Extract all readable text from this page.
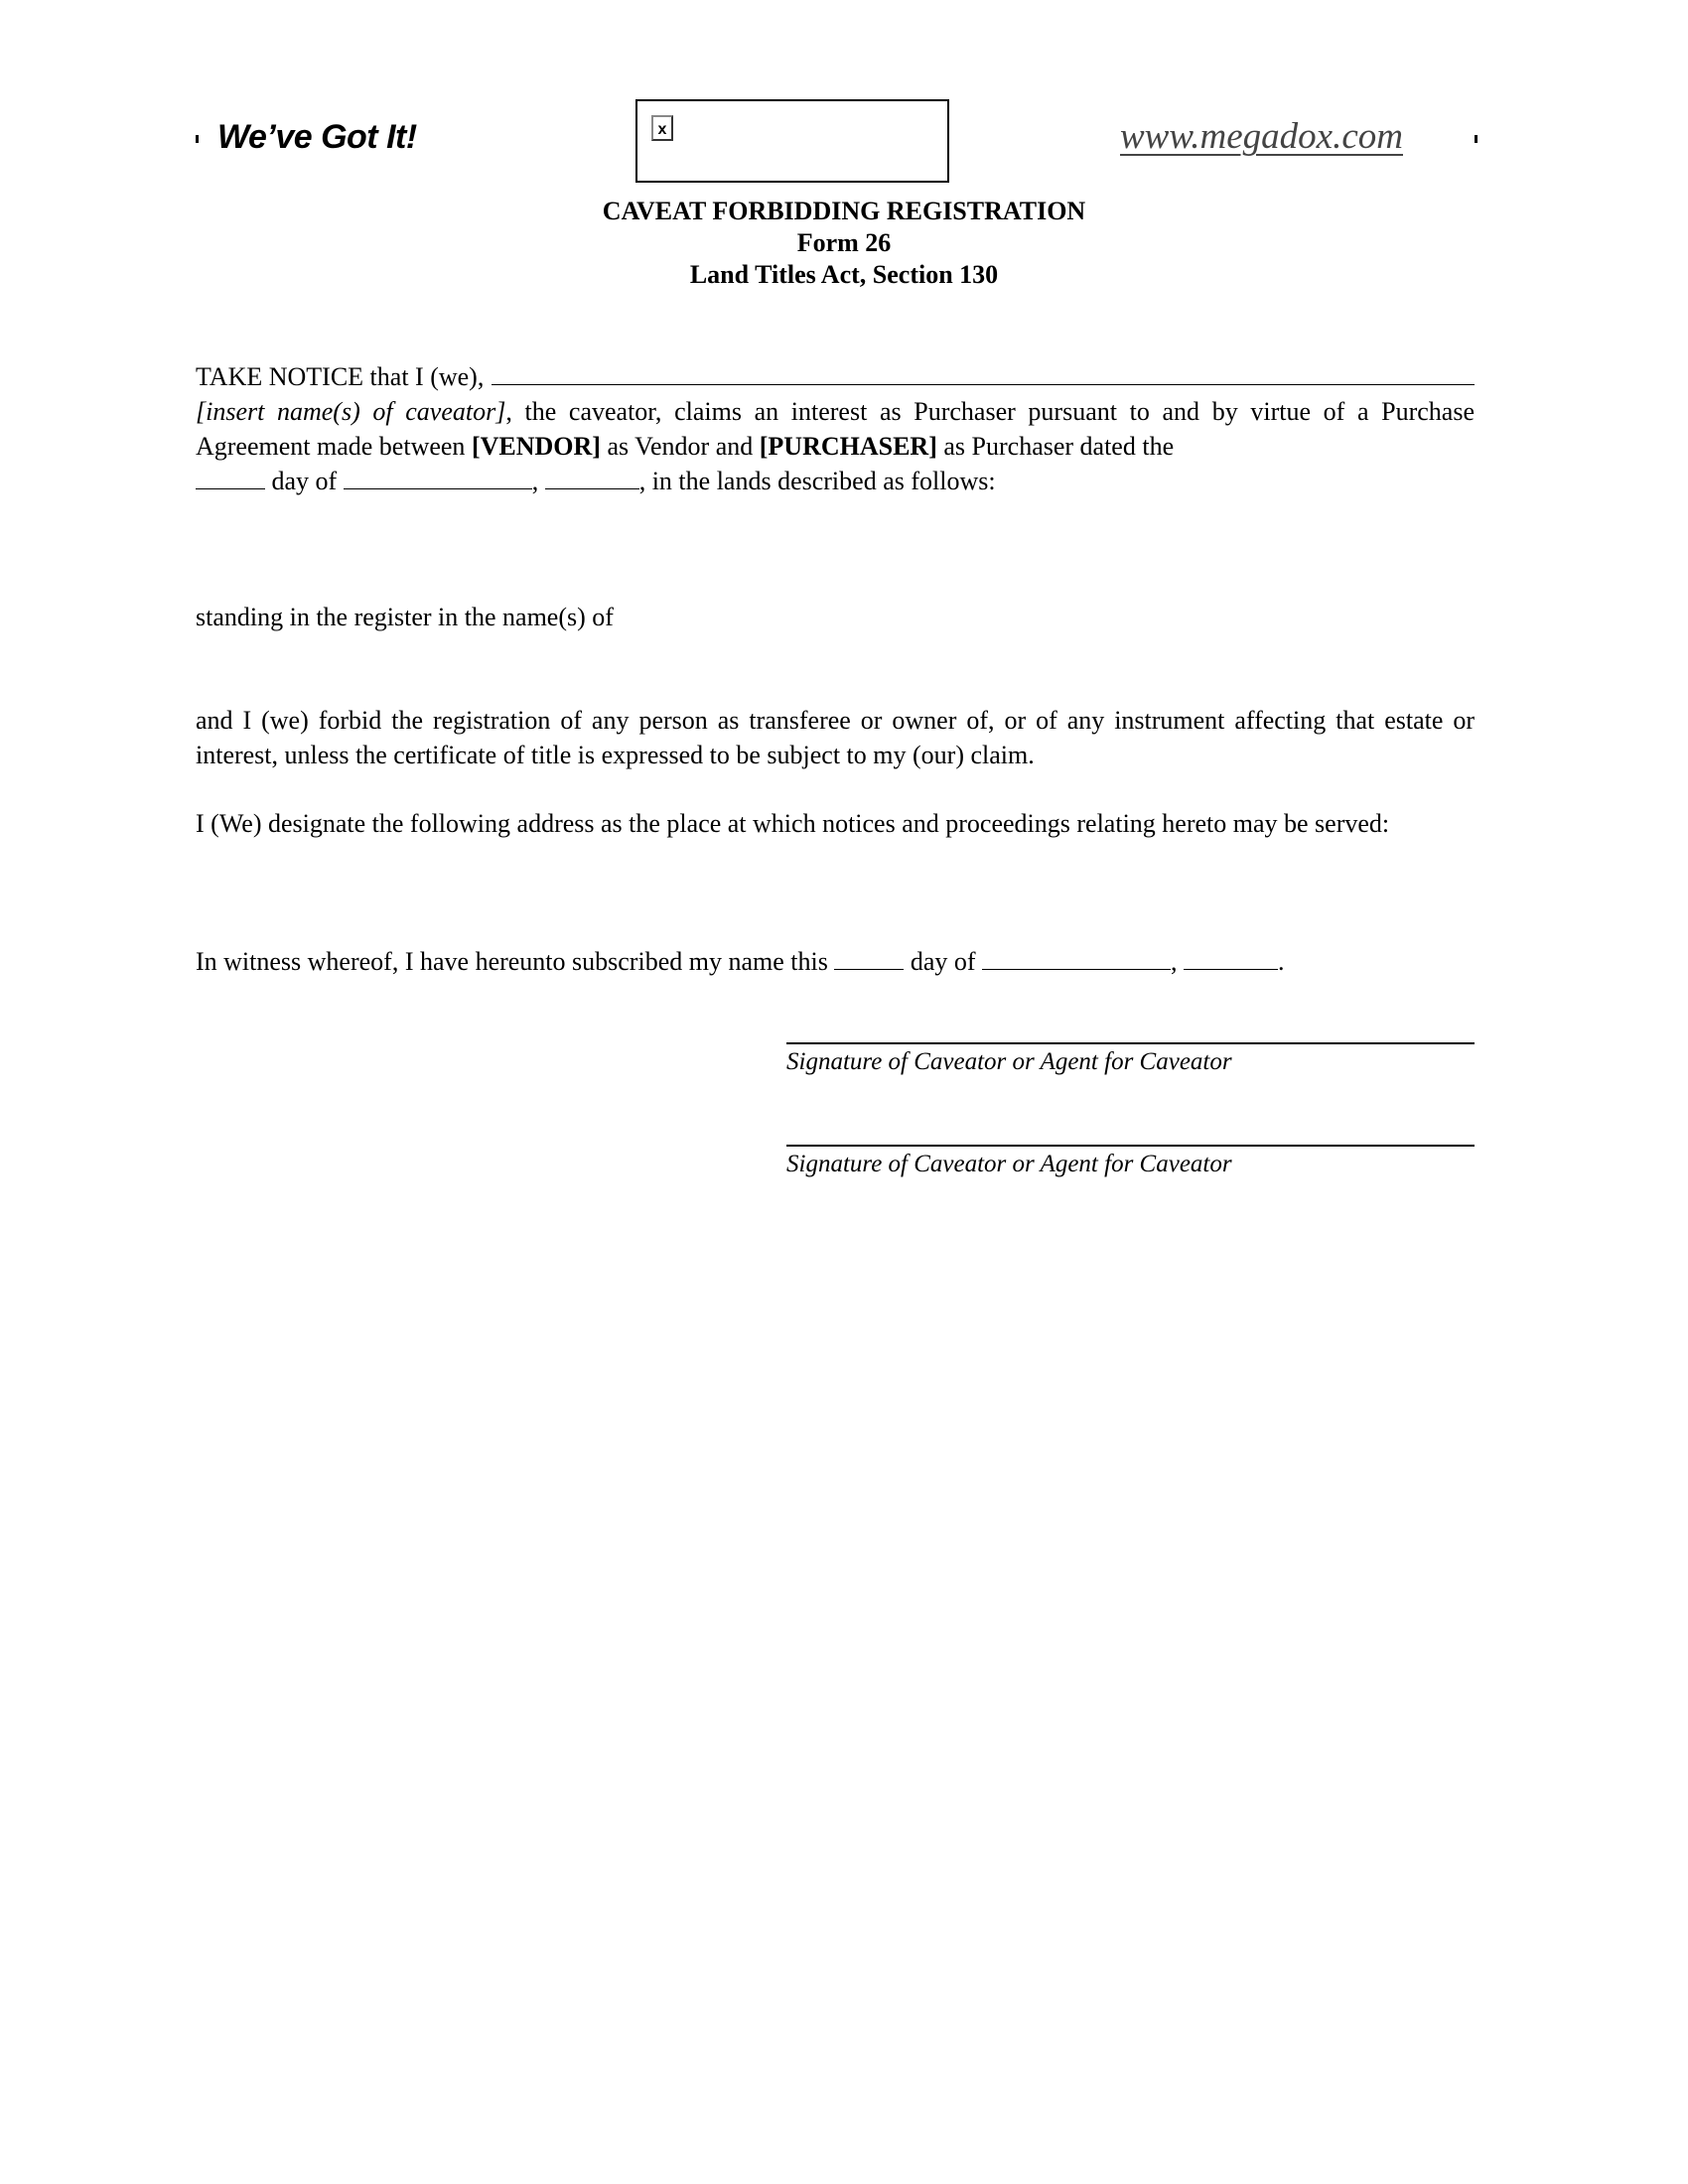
We’ve Got It!	x	www.megadox.com
CAVEAT FORBIDDING REGISTRATION
Form 26
Land Titles Act, Section 130
TAKE NOTICE that I (we),
[insert name(s) of caveator], the caveator, claims an interest as Purchaser pursuant to and by virtue of a Purchase Agreement made between [VENDOR] as Vendor and [PURCHASER] as Purchaser dated the
day of	,	, in the lands described as follows:
standing in the register in the name(s) of
and I (we) forbid the registration of any person as transferee or owner of, or of any instrument affecting that estate or interest, unless the certificate of title is expressed to be subject to my (our) claim.
I (We) designate the following address as the place at which notices and proceedings relating hereto may be served:
In witness whereof, I have hereunto subscribed my name this	day of	,	.
Signature of Caveator or Agent for Caveator
Signature of Caveator or Agent for Caveator
